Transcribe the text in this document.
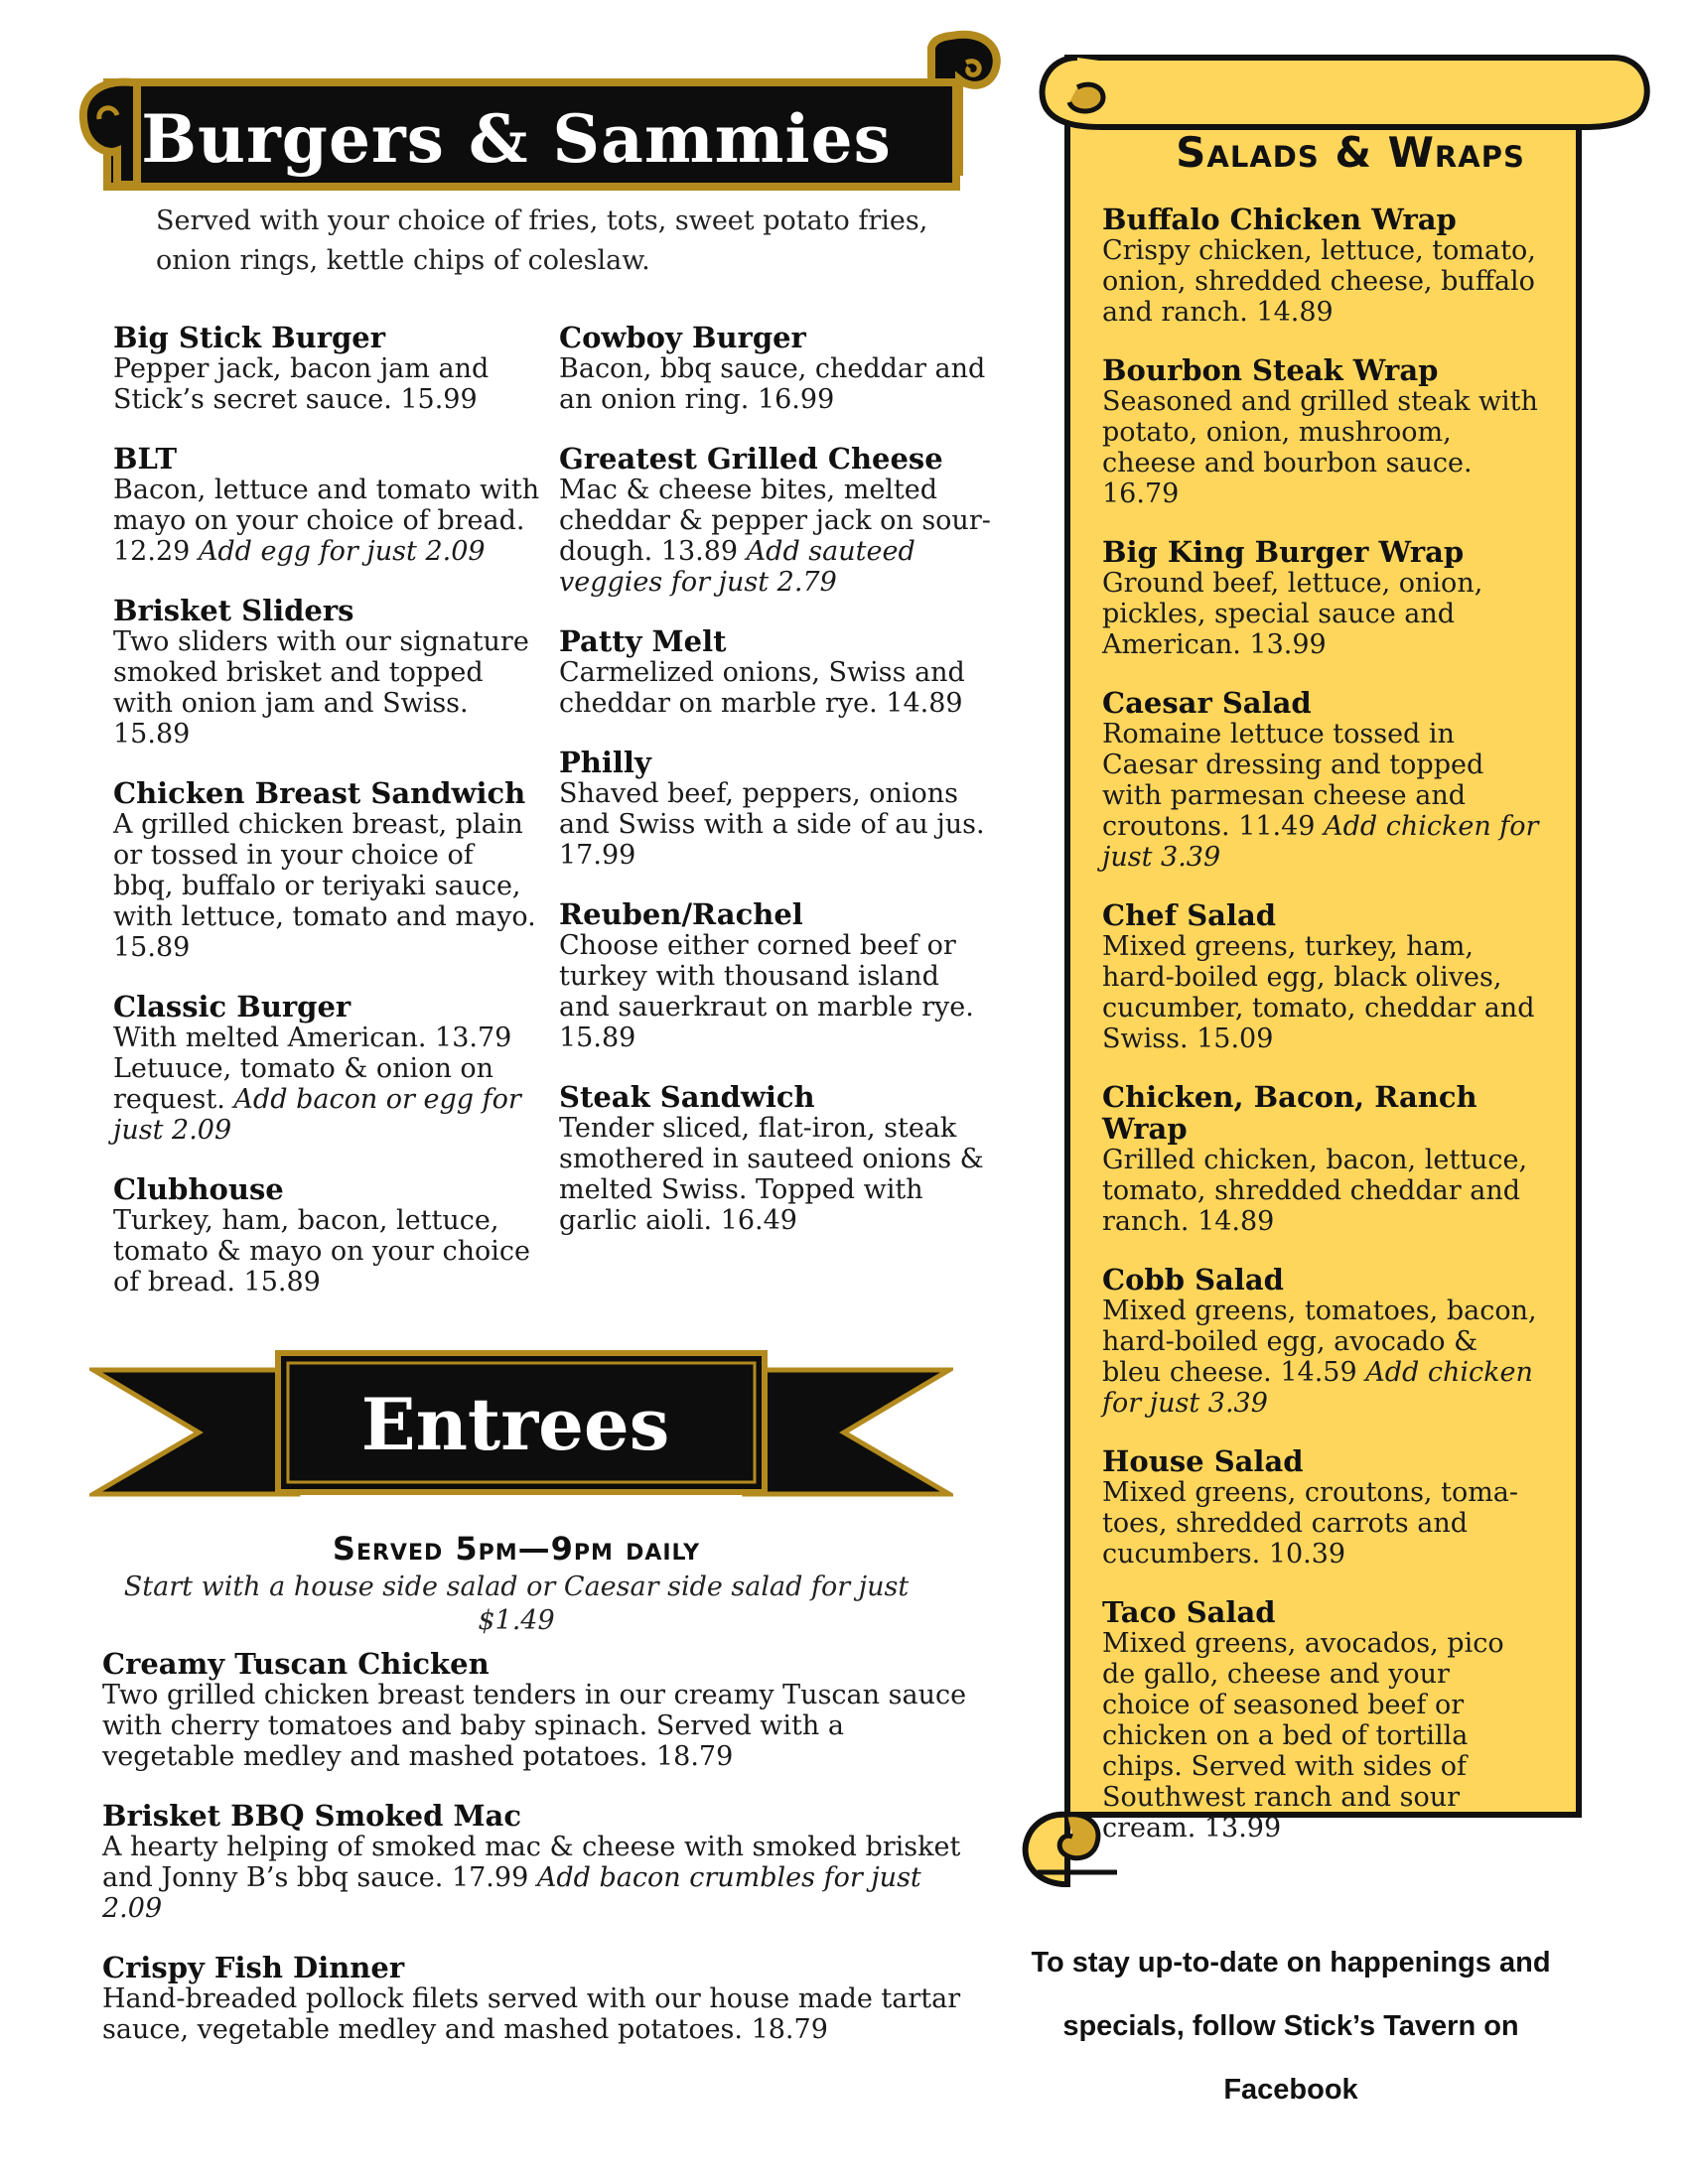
Burgers & Sammies
Served with your choice of fries, tots, sweet potato fries, onion rings, kettle chips of coleslaw.
Big Stick Burger
Pepper jack, bacon jam and Stick’s secret sauce. 15.99
BLT
Bacon, lettuce and tomato with mayo on your choice of bread. 12.29 Add egg for just 2.09
Brisket Sliders
Two sliders with our signature smoked brisket and topped with onion jam and Swiss. 15.89
Chicken Breast Sandwich
A grilled chicken breast, plain or tossed in your choice of bbq, buffalo or teriyaki sauce, with lettuce, tomato and mayo. 15.89
Classic Burger
With melted American. 13.79 Letuuce, tomato & onion on request. Add bacon or egg for just 2.09
Clubhouse
Turkey, ham, bacon, lettuce, tomato & mayo on your choice of bread. 15.89
Cowboy Burger
Bacon, bbq sauce, cheddar and an onion ring. 16.99
Greatest Grilled Cheese
Mac & cheese bites, melted cheddar & pepper jack on sour-dough. 13.89 Add sauteed veggies for just 2.79
Patty Melt
Carmelized onions, Swiss and cheddar on marble rye. 14.89
Philly
Shaved beef, peppers, onions and Swiss with a side of au jus. 17.99
Reuben/Rachel
Choose either corned beef or turkey with thousand island and sauerkraut on marble rye. 15.89
Steak Sandwich
Tender sliced, flat-iron, steak smothered in sauteed onions & melted Swiss. Topped with garlic aioli. 16.49
Entrees
Served 5pm—9pm daily
Start with a house side salad or Caesar side salad for just $1.49
Creamy Tuscan Chicken
Two grilled chicken breast tenders in our creamy Tuscan sauce with cherry tomatoes and baby spinach. Served with a vegetable medley and mashed potatoes. 18.79
Brisket BBQ Smoked Mac
A hearty helping of smoked mac & cheese with smoked brisket and Jonny B’s bbq sauce. 17.99 Add bacon crumbles for just 2.09
Crispy Fish Dinner
Hand-breaded pollock filets served with our house made tartar sauce, vegetable medley and mashed potatoes. 18.79
Salads & Wraps
Buffalo Chicken Wrap
Crispy chicken, lettuce, tomato, onion, shredded cheese, buffalo and ranch. 14.89
Bourbon Steak Wrap
Seasoned and grilled steak with potato, onion, mushroom, cheese and bourbon sauce. 16.79
Big King Burger Wrap
Ground beef, lettuce, onion, pickles, special sauce and American. 13.99
Caesar Salad
Romaine lettuce tossed in Caesar dressing and topped with parmesan cheese and croutons. 11.49 Add chicken for just 3.39
Chef Salad
Mixed greens, turkey, ham, hard-boiled egg, black olives, cucumber, tomato, cheddar and Swiss. 15.09
Chicken, Bacon, Ranch Wrap
Grilled chicken, bacon, lettuce, tomato, shredded cheddar and ranch. 14.89
Cobb Salad
Mixed greens, tomatoes, bacon, hard-boiled egg, avocado & bleu cheese. 14.59 Add chicken for just 3.39
House Salad
Mixed greens, croutons, toma-toes, shredded carrots and cucumbers. 10.39
Taco Salad
Mixed greens, avocados, pico de gallo, cheese and your choice of seasoned beef or chicken on a bed of tortilla chips. Served with sides of Southwest ranch and sour cream. 13.99
To stay up-to-date on happenings and specials, follow Stick’s Tavern on Facebook
